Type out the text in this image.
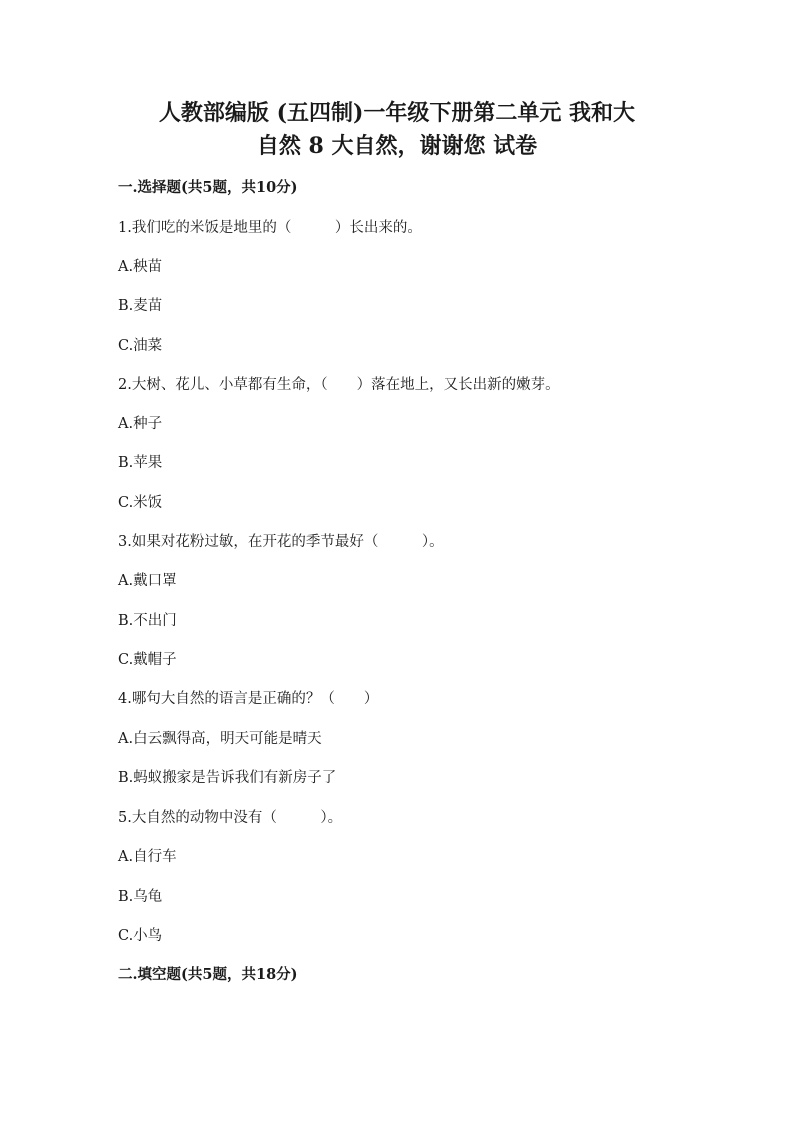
人教部编版 (五四制)一年级下册第二单元 我和大
自然 8 大自然，谢谢您 试卷
一.选择题(共5题，共10分)
1.我们吃的米饭是地里的（　　　）长出来的。
A.秧苗
B.麦苗
C.油菜
2.大树、花儿、小草都有生命，（　　）落在地上，又长出新的嫩芽。
A.种子
B.苹果
C.米饭
3.如果对花粉过敏，在开花的季节最好（　　　）。
A.戴口罩
B.不出门
C.戴帽子
4.哪句大自然的语言是正确的？（　　）
A.白云飘得高，明天可能是晴天
B.蚂蚁搬家是告诉我们有新房子了
5.大自然的动物中没有（　　　）。
A.自行车
B.乌龟
C.小鸟
二.填空题(共5题，共18分)
